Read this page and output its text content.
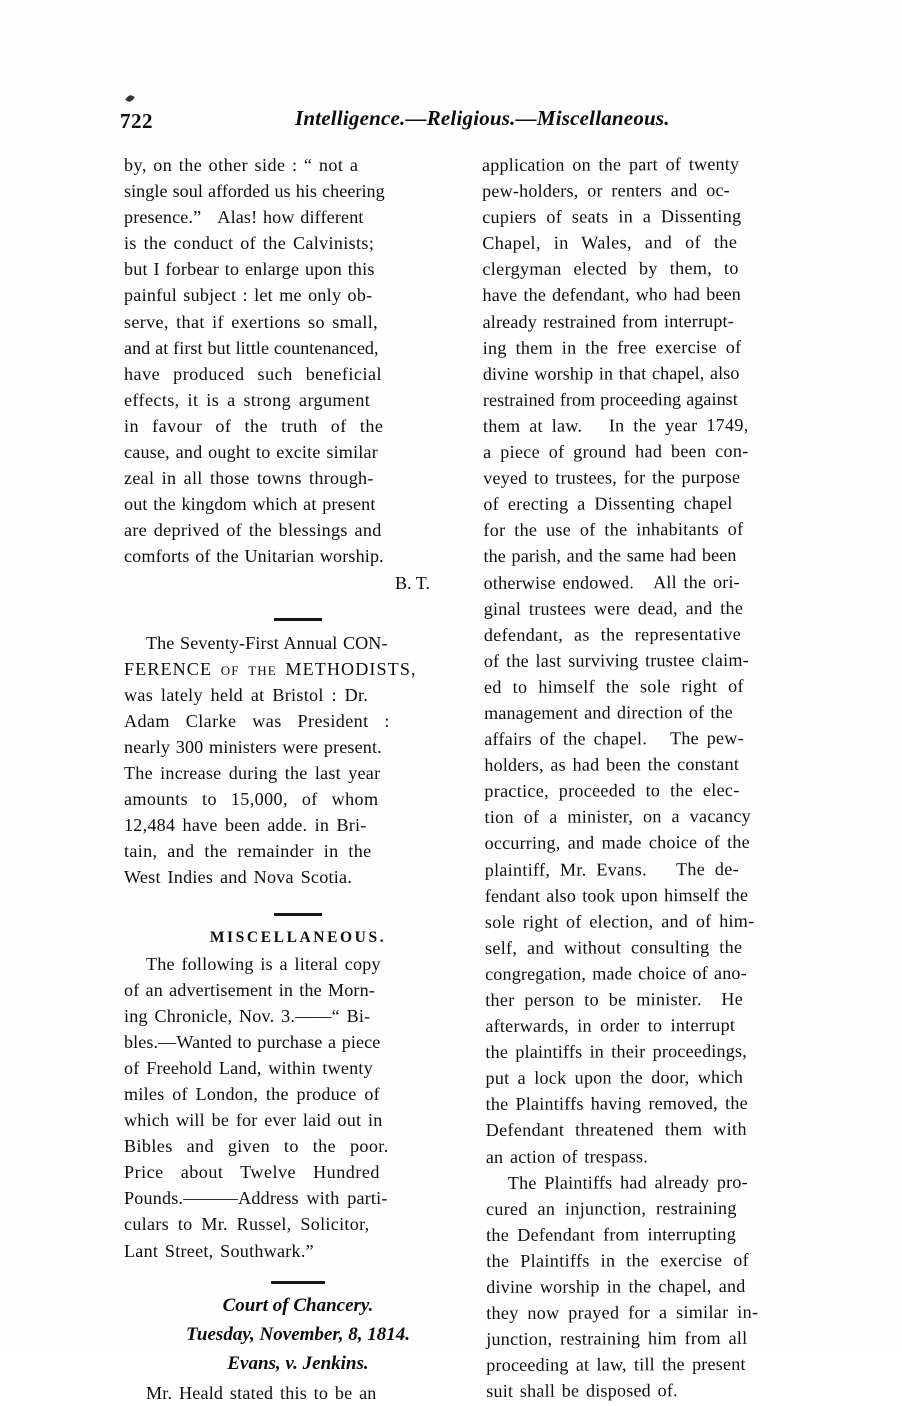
722	Intelligence.—Religious.—Miscellaneous.
by, on the other side : “ not a
single soul afforded us his cheering
presence.”   Alas! how different
is the conduct of the Calvinists;
but I forbear to enlarge upon this
painful subject : let me only ob-
serve, that if exertions so small,
and at first but little countenanced,
have produced such beneficial
effects, it is a strong argument
in favour of the truth of the
cause, and ought to excite similar
zeal in all those towns through-
out the kingdom which at present
are deprived of the blessings and
comforts of the Unitarian worship.
B. T.
The Seventy-First Annual CON-
FERENCE of the METHODISTS,
was lately held at Bristol : Dr.
Adam Clarke was President :
nearly 300 ministers were present.
The increase during the last year
amounts to 15,000, of whom
12,484 have been adde. in Bri-
tain, and the remainder in the
West Indies and Nova Scotia.
MISCELLANEOUS.
The following is a literal copy
of an advertisement in the Morn-
ing Chronicle, Nov. 3.——“ Bi-
bles.—Wanted to purchase a piece
of Freehold Land, within twenty
miles of London, the produce of
which will be for ever laid out in
Bibles and given to the poor.
Price about Twelve Hundred
Pounds.———Address with parti-
culars to Mr. Russel, Solicitor,
Lant Street, Southwark.”
Court of Chancery.
Tuesday, November, 8, 1814.
Evans, v. Jenkins.
Mr. Heald stated this to be an
application on the part of twenty
pew-holders, or renters and oc-
cupiers of seats in a Dissenting
Chapel, in Wales, and of the
clergyman elected by them, to
have the defendant, who had been
already restrained from interrupt-
ing them in the free exercise of
divine worship in that chapel, also
restrained from proceeding against
them at law.   In the year 1749,
a piece of ground had been con-
veyed to trustees, for the purpose
of erecting a Dissenting chapel
for the use of the inhabitants of
the parish, and the same had been
otherwise endowed.   All the ori-
ginal trustees were dead, and the
defendant, as the representative
of the last surviving trustee claim-
ed to himself the sole right of
management and direction of the
affairs of the chapel.   The pew-
holders, as had been the constant
practice, proceeded to the elec-
tion of a minister, on a vacancy
occurring, and made choice of the
plaintiff, Mr. Evans.   The de-
fendant also took upon himself the
sole right of election, and of him-
self, and without consulting the
congregation, made choice of ano-
ther person to be minister.  He
afterwards, in order to interrupt
the plaintiffs in their proceedings,
put a lock upon the door, which
the Plaintiffs having removed, the
Defendant threatened them with
an action of trespass.
The Plaintiffs had already pro-
cured an injunction, restraining
the Defendant from interrupting
the Plaintiffs in the exercise of
divine worship in the chapel, and
they now prayed for a similar in-
junction, restraining him from all
proceeding at law, till the present
suit shall be disposed of.
